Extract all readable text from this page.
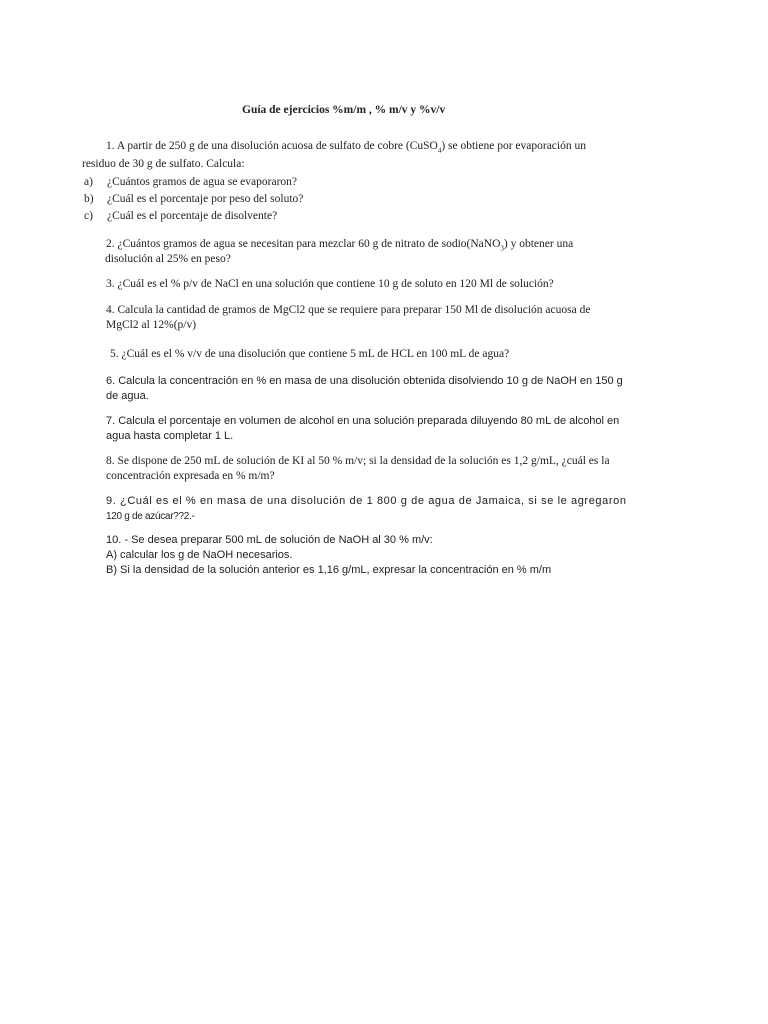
Guía de ejercicios %m/m , % m/v y %v/v
1. A partir de 250 g de una disolución acuosa de sulfato de cobre (CuSO$_4$) se obtiene por evaporación un
residuo de 30 g de sulfato. Calcula:
a)	¿Cuántos gramos de agua se evaporaron?
b)	¿Cuál es el porcentaje por peso del soluto?
c)	¿Cuál es el porcentaje de disolvente?
2. ¿Cuántos gramos de agua se necesitan para mezclar 60 g de nitrato de sodio(NaNO$_3$) y obtener una
disolución al 25% en peso?
3. ¿Cuál es el % p/v de NaCl en una solución que contiene 10 g de soluto en 120 Ml de solución?
4. Calcula la cantidad de gramos de MgCl2 que se requiere para preparar 150 Ml de disolución acuosa de
MgCl2 al 12%(p/v)
5. ¿Cuál es el % v/v de una disolución que contiene 5 mL de HCL en 100 mL de agua?
6. Calcula la concentración en % en masa de una disolución obtenida disolviendo 10 g de NaOH en 150 g
de agua.
7. Calcula el porcentaje en volumen de alcohol en una solución preparada diluyendo 80 mL de alcohol en
agua hasta completar 1 L.
8. Se dispone de 250 mL de solución de KI al 50 % m/v; si la densidad de la solución es 1,2 g/mL, ¿cuál es la
concentración expresada en % m/m?
9. ¿Cuál es el % en masa de una disolución de 1 800 g de agua de Jamaica, si se le agregaron
120 g de azúcar??2.-
10. - Se desea preparar 500 mL de solución de NaOH al 30 % m/v:
A) calcular los g de NaOH necesarios.
B) Si la densidad de la solución anterior es 1,16 g/mL, expresar la concentración en % m/m
